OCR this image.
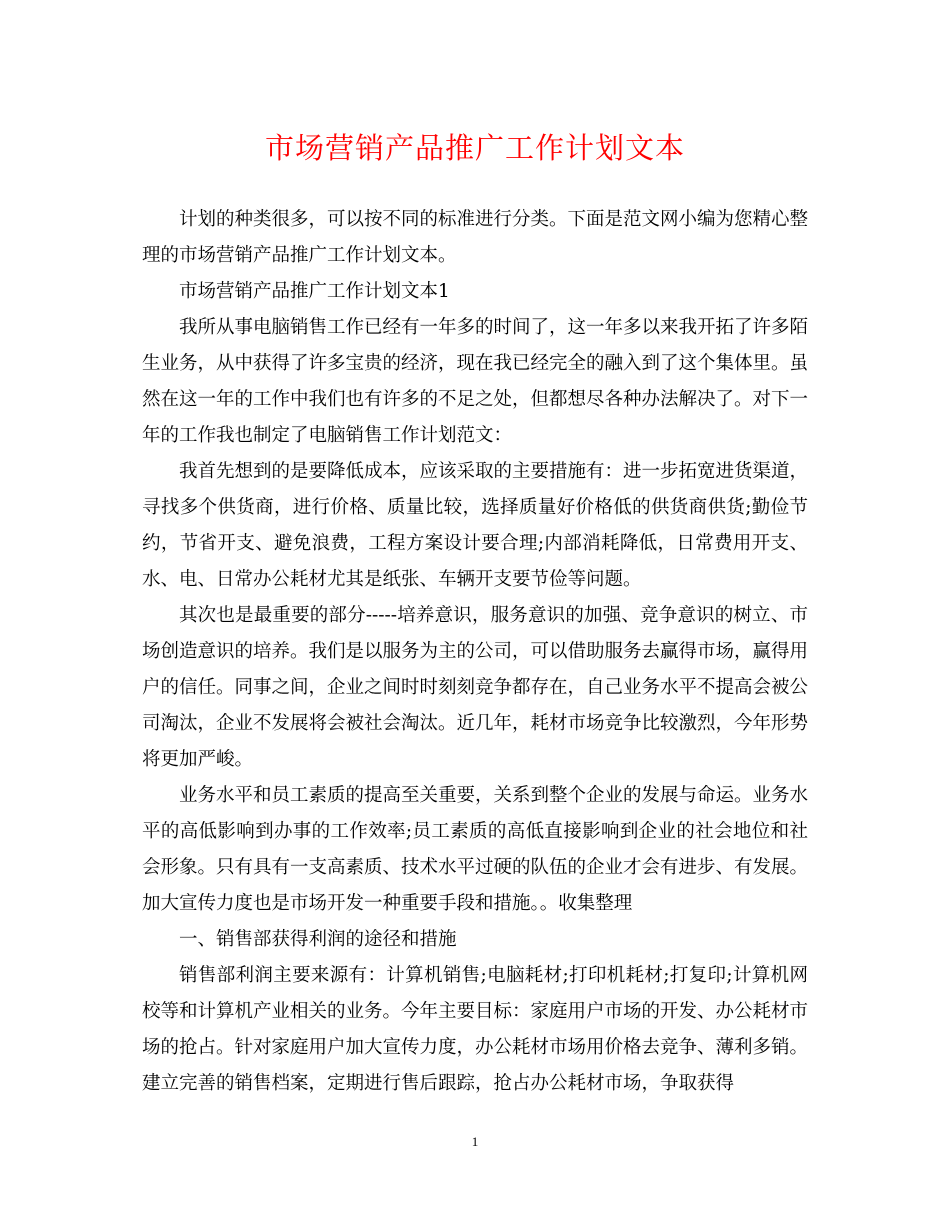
市场营销产品推广工作计划文本

计划的种类很多，可以按不同的标准进行分类。下面是范文网小编为您精心整理的市场营销产品推广工作计划文本。

市场营销产品推广工作计划文本1

我所从事电脑销售工作已经有一年多的时间了，这一年多以来我开拓了许多陌生业务，从中获得了许多宝贵的经济，现在我已经完全的融入到了这个集体里。虽然在这一年的工作中我们也有许多的不足之处，但都想尽各种办法解决了。对下一年的工作我也制定了电脑销售工作计划范文：

我首先想到的是要降低成本，应该采取的主要措施有：进一步拓宽进货渠道，寻找多个供货商，进行价格、质量比较，选择质量好价格低的供货商供货;勤俭节约，节省开支、避免浪费，工程方案设计要合理;内部消耗降低，日常费用开支、水、电、日常办公耗材尤其是纸张、车辆开支要节俭等问题。

其次也是最重要的部分-----培养意识，服务意识的加强、竞争意识的树立、市场创造意识的培养。我们是以服务为主的公司，可以借助服务去赢得市场，赢得用户的信任。同事之间，企业之间时时刻刻竞争都存在，自己业务水平不提高会被公司淘汰，企业不发展将会被社会淘汰。近几年，耗材市场竞争比较激烈，今年形势将更加严峻。

业务水平和员工素质的提高至关重要，关系到整个企业的发展与命运。业务水平的高低影响到办事的工作效率;员工素质的高低直接影响到企业的社会地位和社会形象。只有具有一支高素质、技术水平过硬的队伍的企业才会有进步、有发展。加大宣传力度也是市场开发一种重要手段和措施。。收集整理

一、销售部获得利润的途径和措施

销售部利润主要来源有：计算机销售;电脑耗材;打印机耗材;打复印;计算机网校等和计算机产业相关的业务。今年主要目标：家庭用户市场的开发、办公耗材市场的抢占。针对家庭用户加大宣传力度，办公耗材市场用价格去竞争、薄利多销。建立完善的销售档案，定期进行售后跟踪，抢占办公耗材市场，争取获得

1
